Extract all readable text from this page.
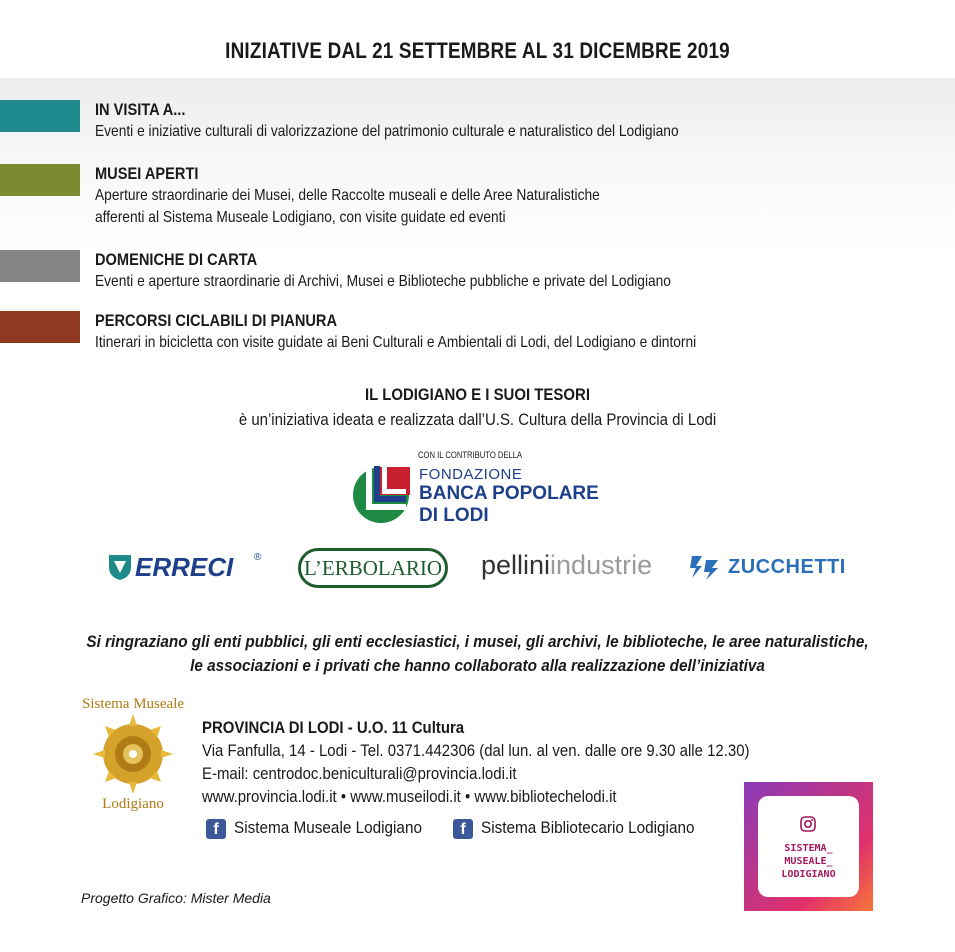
INIZIATIVE DAL 21 SETTEMBRE AL 31 DICEMBRE 2019
IN VISITA A...
Eventi e iniziative culturali di valorizzazione del patrimonio culturale e naturalistico del Lodigiano
MUSEI APERTI
Aperture straordinarie dei Musei, delle Raccolte museali e delle Aree Naturalistiche
afferenti al Sistema Museale Lodigiano, con visite guidate ed eventi
DOMENICHE DI CARTA
Eventi e aperture straordinarie di Archivi, Musei e Biblioteche pubbliche e private del Lodigiano
PERCORSI CICLABILI DI PIANURA
Itinerari in bicicletta con visite guidate ai Beni Culturali e Ambientali di Lodi, del Lodigiano e dintorni
IL LODIGIANO E I SUOI TESORI
è un’iniziativa ideata e realizzata dall’U.S. Cultura della Provincia di Lodi
CON IL CONTRIBUTO DELLA
FONDAZIONE
BANCA POPOLARE
DI LODI
ERRECI ® L’ERBOLARIO pelliniindustrie	ZUCCHETTI
Si ringraziano gli enti pubblici, gli enti ecclesiastici, i musei, gli archivi, le biblioteche, le aree naturalistiche,
le associazioni e i privati che hanno collaborato alla realizzazione dell’iniziativa
Sistema Museale
Lodigiano
PROVINCIA DI LODI - U.O. 11 Cultura
Via Fanfulla, 14 - Lodi - Tel. 0371.442306 (dal lun. al ven. dalle ore 9.30 alle 12.30)
E-mail: centrodoc.beniculturali@provincia.lodi.it
www.provincia.lodi.it • www.museilodi.it • www.bibliotechelodi.it
f Sistema Museale Lodigiano	f Sistema Bibliotecario Lodigiano
SISTEMA_
MUSEALE_
LODIGIANO
Progetto Grafico: Mister Media
